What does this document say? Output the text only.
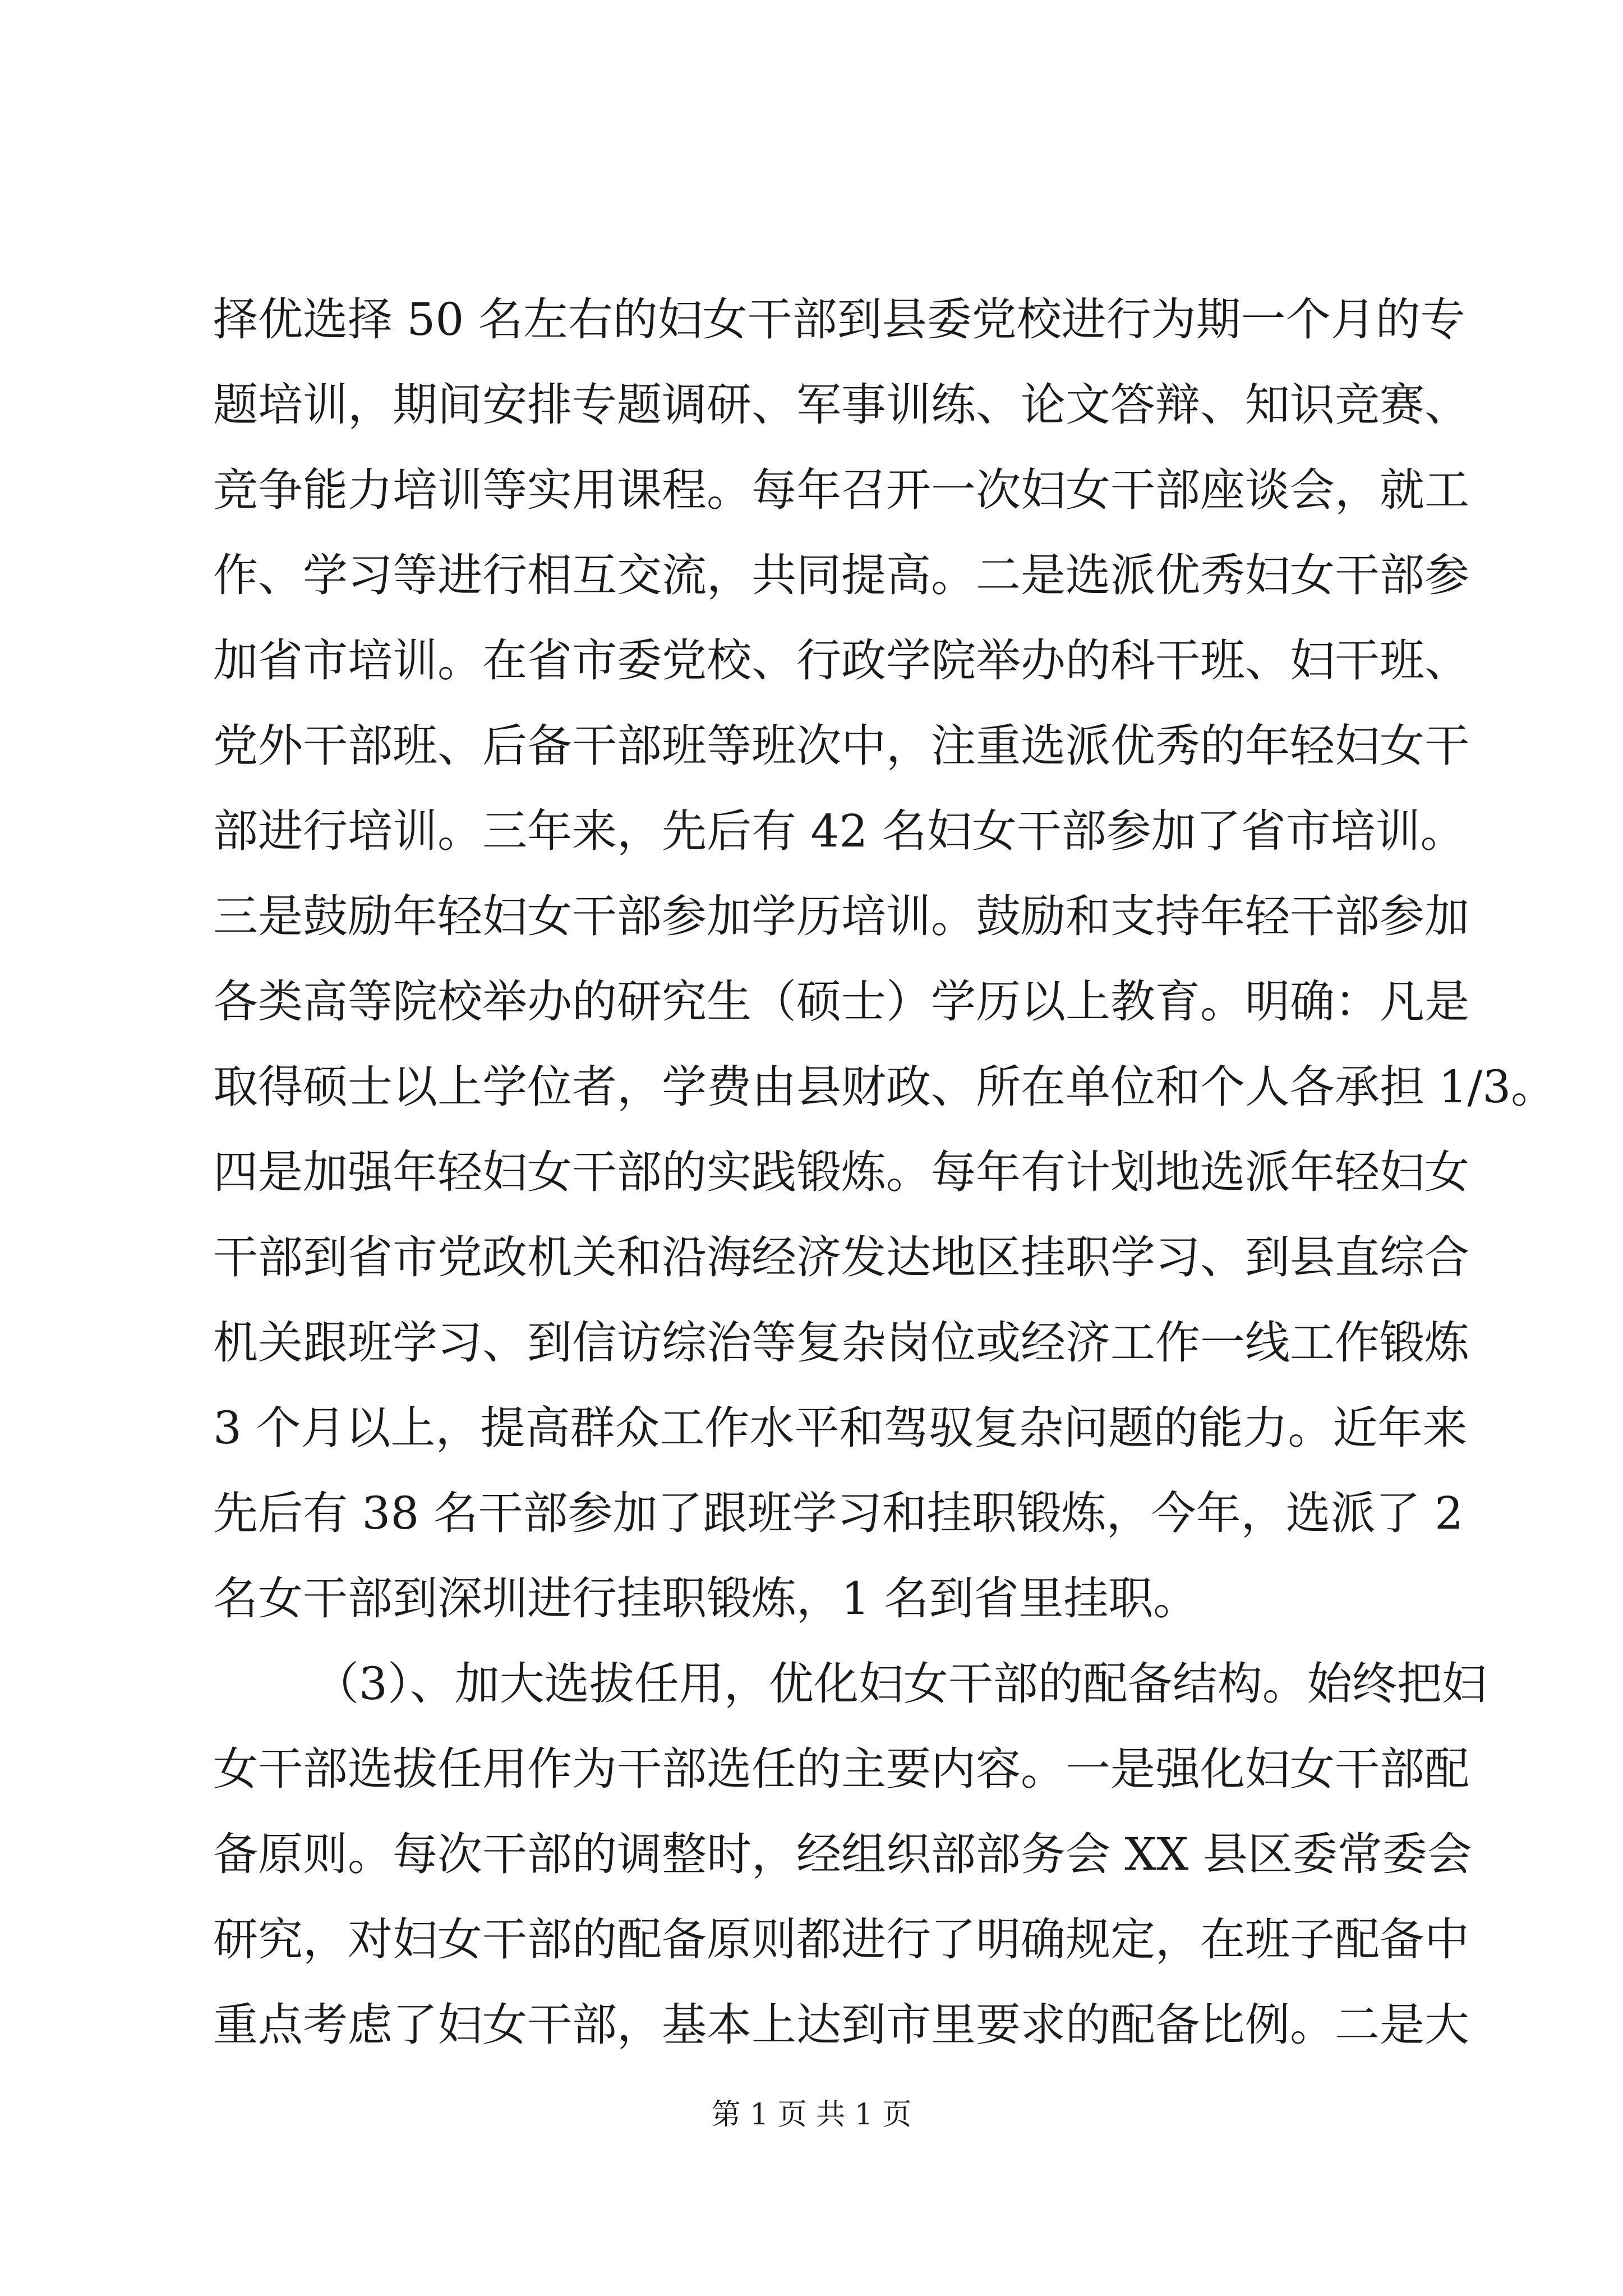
择优选择 50 名左右的妇女干部到县委党校进行为期一个月的专
题培训，期间安排专题调研、军事训练、论文答辩、知识竞赛、
竞争能力培训等实用课程。每年召开一次妇女干部座谈会，就工
作、学习等进行相互交流，共同提高。二是选派优秀妇女干部参
加省市培训。在省市委党校、行政学院举办的科干班、妇干班、
党外干部班、后备干部班等班次中，注重选派优秀的年轻妇女干
部进行培训。三年来，先后有 42 名妇女干部参加了省市培训。
三是鼓励年轻妇女干部参加学历培训。鼓励和支持年轻干部参加
各类高等院校举办的研究生（硕士）学历以上教育。明确：凡是
取得硕士以上学位者，学费由县财政、所在单位和个人各承担 1/3。
四是加强年轻妇女干部的实践锻炼。每年有计划地选派年轻妇女
干部到省市党政机关和沿海经济发达地区挂职学习、到县直综合
机关跟班学习、到信访综治等复杂岗位或经济工作一线工作锻炼
3 个月以上，提高群众工作水平和驾驭复杂问题的能力。近年来
先后有 38 名干部参加了跟班学习和挂职锻炼，今年，选派了 2
名女干部到深圳进行挂职锻炼，1 名到省里挂职。
（3）、加大选拔任用，优化妇女干部的配备结构。始终把妇
女干部选拔任用作为干部选任的主要内容。一是强化妇女干部配
备原则。每次干部的调整时，经组织部部务会 XX 县区委常委会
研究，对妇女干部的配备原则都进行了明确规定，在班子配备中
重点考虑了妇女干部，基本上达到市里要求的配备比例。二是大
第 1 页 共 1 页
